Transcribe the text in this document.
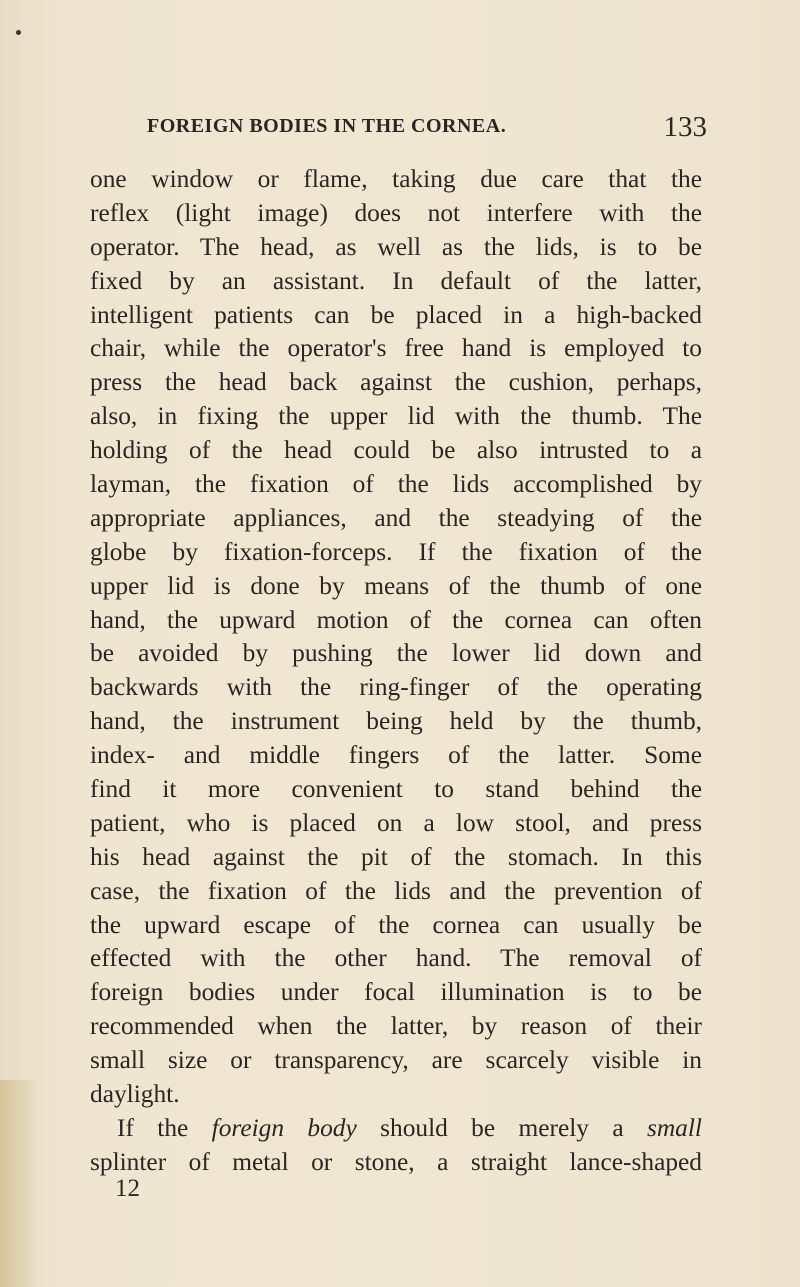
FOREIGN BODIES IN THE CORNEA.	133
one window or flame, taking due care that the
reflex (light image) does not interfere with the
operator. The head, as well as the lids, is to be
fixed by an assistant. In default of the latter,
intelligent patients can be placed in a high-backed
chair, while the operator's free hand is employed to
press the head back against the cushion, perhaps,
also, in fixing the upper lid with the thumb. The
holding of the head could be also intrusted to a
layman, the fixation of the lids accomplished by
appropriate appliances, and the steadying of the
globe by fixation-forceps. If the fixation of the
upper lid is done by means of the thumb of one
hand, the upward motion of the cornea can often
be avoided by pushing the lower lid down and
backwards with the ring-finger of the operating
hand, the instrument being held by the thumb,
index- and middle fingers of the latter. Some
find it more convenient to stand behind the
patient, who is placed on a low stool, and press
his head against the pit of the stomach. In this
case, the fixation of the lids and the prevention of
the upward escape of the cornea can usually be
effected with the other hand. The removal of
foreign bodies under focal illumination is to be
recommended when the latter, by reason of their
small size or transparency, are scarcely visible in
daylight.
If the foreign body should be merely a small
splinter of metal or stone, a straight lance-shaped
12
